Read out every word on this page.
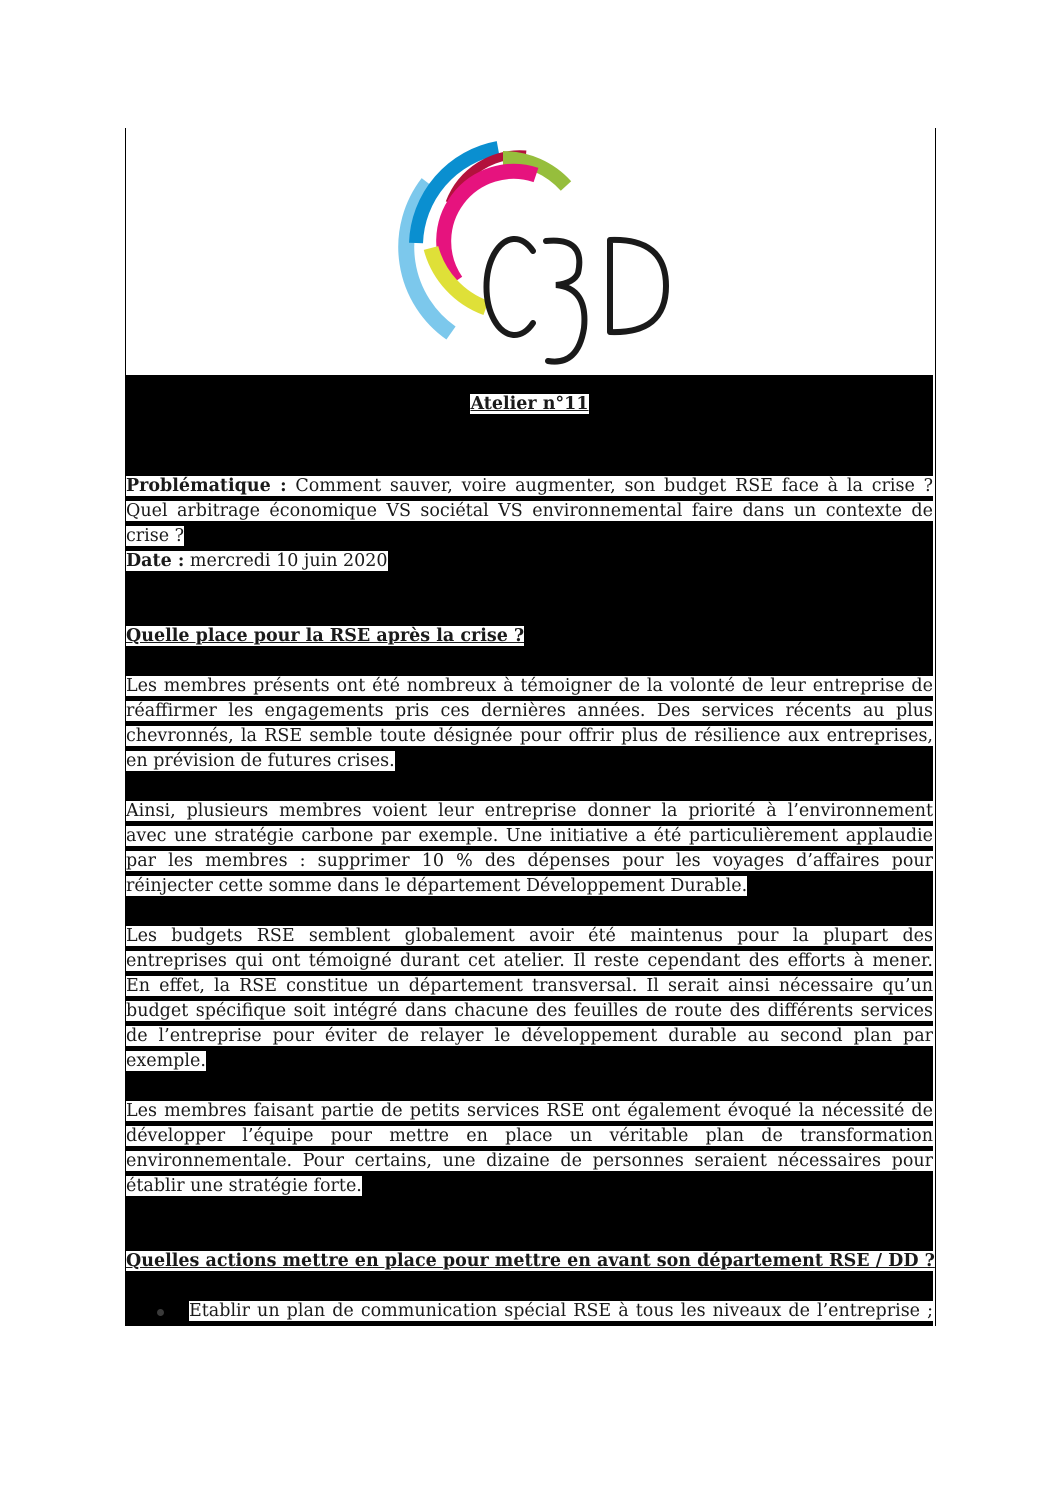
Atelier n°11
Problématique : Comment sauver, voire augmenter, son budget RSE face à la crise ?
Quel arbitrage économique VS sociétal VS environnemental faire dans un contexte de
crise ?
Date : mercredi 10 juin 2020
Quelle place pour la RSE après la crise ?
Les membres présents ont été nombreux à témoigner de la volonté de leur entreprise de
réaffirmer les engagements pris ces dernières années. Des services récents au plus
chevronnés, la RSE semble toute désignée pour offrir plus de résilience aux entreprises,
en prévision de futures crises.
Ainsi, plusieurs membres voient leur entreprise donner la priorité à l’environnement
avec une stratégie carbone par exemple. Une initiative a été particulièrement applaudie
par les membres : supprimer 10 % des dépenses pour les voyages d’affaires pour
réinjecter cette somme dans le département Développement Durable.
Les budgets RSE semblent globalement avoir été maintenus pour la plupart des
entreprises qui ont témoigné durant cet atelier. Il reste cependant des efforts à mener.
En effet, la RSE constitue un département transversal. Il serait ainsi nécessaire qu’un
budget spécifique soit intégré dans chacune des feuilles de route des différents services
de l’entreprise pour éviter de relayer le développement durable au second plan par
exemple.
Les membres faisant partie de petits services RSE ont également évoqué la nécessité de
développer l’équipe pour mettre en place un véritable plan de transformation
environnementale. Pour certains, une dizaine de personnes seraient nécessaires pour
établir une stratégie forte.
Quelles actions mettre en place pour mettre en avant son département RSE / DD ?
Etablir un plan de communication spécial RSE à tous les niveaux de l’entreprise ;
